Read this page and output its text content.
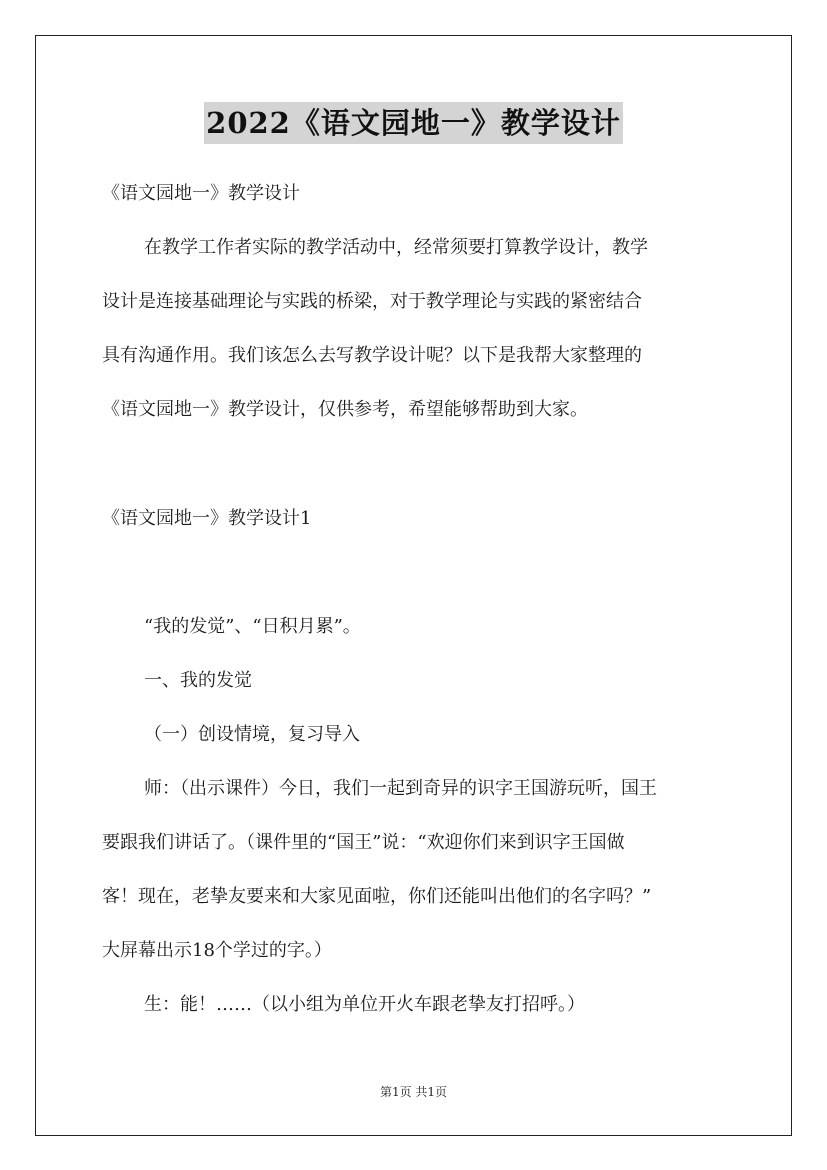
2022《语文园地一》教学设计
《语文园地一》教学设计
在教学工作者实际的教学活动中，经常须要打算教学设计，教学
设计是连接基础理论与实践的桥梁，对于教学理论与实践的紧密结合
具有沟通作用。我们该怎么去写教学设计呢？以下是我帮大家整理的
《语文园地一》教学设计，仅供参考，希望能够帮助到大家。
《语文园地一》教学设计1
“我的发觉”、“日积月累”。
一、我的发觉
（一）创设情境，复习导入
师：（出示课件）今日，我们一起到奇异的识字王国游玩听，国王
要跟我们讲话了。（课件里的“国王”说：“欢迎你们来到识字王国做
客！现在，老挚友要来和大家见面啦，你们还能叫出他们的名字吗？”
大屏幕出示18个学过的字。）
生：能！……（以小组为单位开火车跟老挚友打招呼。）
第1页 共1页
